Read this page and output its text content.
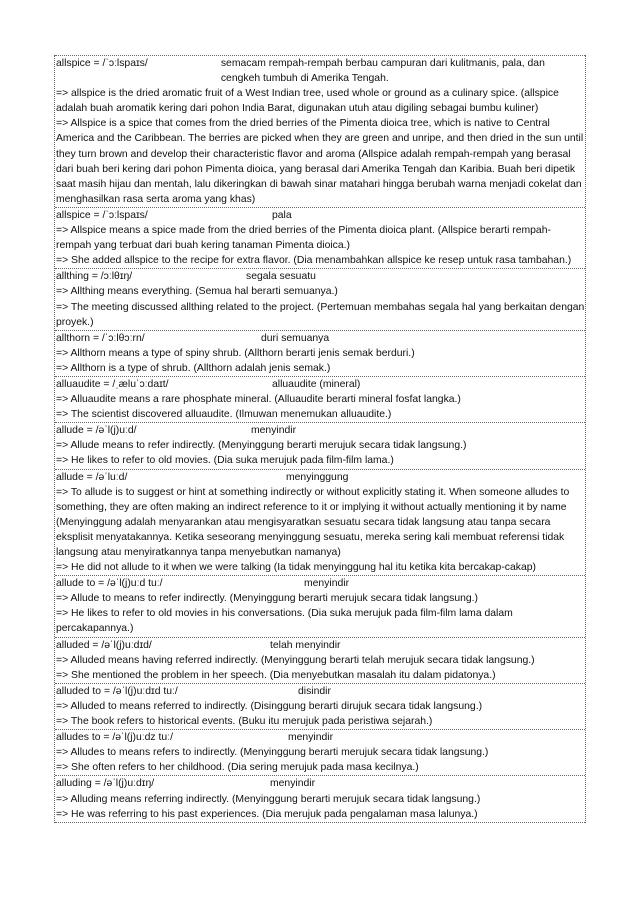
allspice = /ˈɔːlspaɪs/	semacam rempah-rempah berbau campuran dari kulitmanis, pala, dan cengkeh tumbuh di Amerika Tengah.
=> allspice is the dried aromatic fruit of a West Indian tree, used whole or ground as a culinary spice. (allspice adalah buah aromatik kering dari pohon India Barat, digunakan utuh atau digiling sebagai bumbu kuliner)
=> Allspice is a spice that comes from the dried berries of the Pimenta dioica tree, which is native to Central America and the Caribbean. The berries are picked when they are green and unripe, and then dried in the sun until they turn brown and develop their characteristic flavor and aroma (Allspice adalah rempah-rempah yang berasal dari buah beri kering dari pohon Pimenta dioica, yang berasal dari Amerika Tengah dan Karibia. Buah beri dipetik saat masih hijau dan mentah, lalu dikeringkan di bawah sinar matahari hingga berubah warna menjadi cokelat dan menghasilkan rasa serta aroma yang khas)
allspice = /ˈɔːlspaɪs/	pala
=> Allspice means a spice made from the dried berries of the Pimenta dioica plant. (Allspice berarti rempah-rempah yang terbuat dari buah kering tanaman Pimenta dioica.)
=> She added allspice to the recipe for extra flavor. (Dia menambahkan allspice ke resep untuk rasa tambahan.)
allthing = /ɔːlθɪŋ/	segala sesuatu
=> Allthing means everything. (Semua hal berarti semuanya.)
=> The meeting discussed allthing related to the project. (Pertemuan membahas segala hal yang berkaitan dengan proyek.)
allthorn = /ˈɔːlθɔːrn/	duri semuanya
=> Allthorn means a type of spiny shrub. (Allthorn berarti jenis semak berduri.)
=> Allthorn is a type of shrub. (Allthorn adalah jenis semak.)
alluaudite = /ˌæluˈɔːdaɪt/	alluaudite (mineral)
=> Alluaudite means a rare phosphate mineral. (Alluaudite berarti mineral fosfat langka.)
=> The scientist discovered alluaudite. (Ilmuwan menemukan alluaudite.)
allude = /əˈl(j)uːd/	menyindir
=> Allude means to refer indirectly. (Menyinggung berarti merujuk secara tidak langsung.)
=> He likes to refer to old movies. (Dia suka merujuk pada film-film lama.)
allude = /əˈluːd/	menyinggung
=> To allude is to suggest or hint at something indirectly or without explicitly stating it. When someone alludes to something, they are often making an indirect reference to it or implying it without actually mentioning it by name (Menyinggung adalah menyarankan atau mengisyaratkan sesuatu secara tidak langsung atau tanpa secara eksplisit menyatakannya. Ketika seseorang menyinggung sesuatu, mereka sering kali membuat referensi tidak langsung atau menyiratkannya tanpa menyebutkan namanya)
=> He did not allude to it when we were talking (Ia tidak menyinggung hal itu ketika kita bercakap-cakap)
allude to = /əˈl(j)uːd tuː/	menyindir
=> Allude to means to refer indirectly. (Menyinggung berarti merujuk secara tidak langsung.)
=> He likes to refer to old movies in his conversations. (Dia suka merujuk pada film-film lama dalam percakapannya.)
alluded = /əˈl(j)uːdɪd/	telah menyindir
=> Alluded means having referred indirectly. (Menyinggung berarti telah merujuk secara tidak langsung.)
=> She mentioned the problem in her speech. (Dia menyebutkan masalah itu dalam pidatonya.)
alluded to = /əˈl(j)uːdɪd tuː/	disindir
=> Alluded to means referred to indirectly. (Disinggung berarti dirujuk secara tidak langsung.)
=> The book refers to historical events. (Buku itu merujuk pada peristiwa sejarah.)
alludes to = /əˈl(j)uːdz tuː/	menyindir
=> Alludes to means refers to indirectly. (Menyinggung berarti merujuk secara tidak langsung.)
=> She often refers to her childhood. (Dia sering merujuk pada masa kecilnya.)
alluding = /əˈl(j)uːdɪŋ/	menyindir
=> Alluding means referring indirectly. (Menyinggung berarti merujuk secara tidak langsung.)
=> He was referring to his past experiences. (Dia merujuk pada pengalaman masa lalunya.)
